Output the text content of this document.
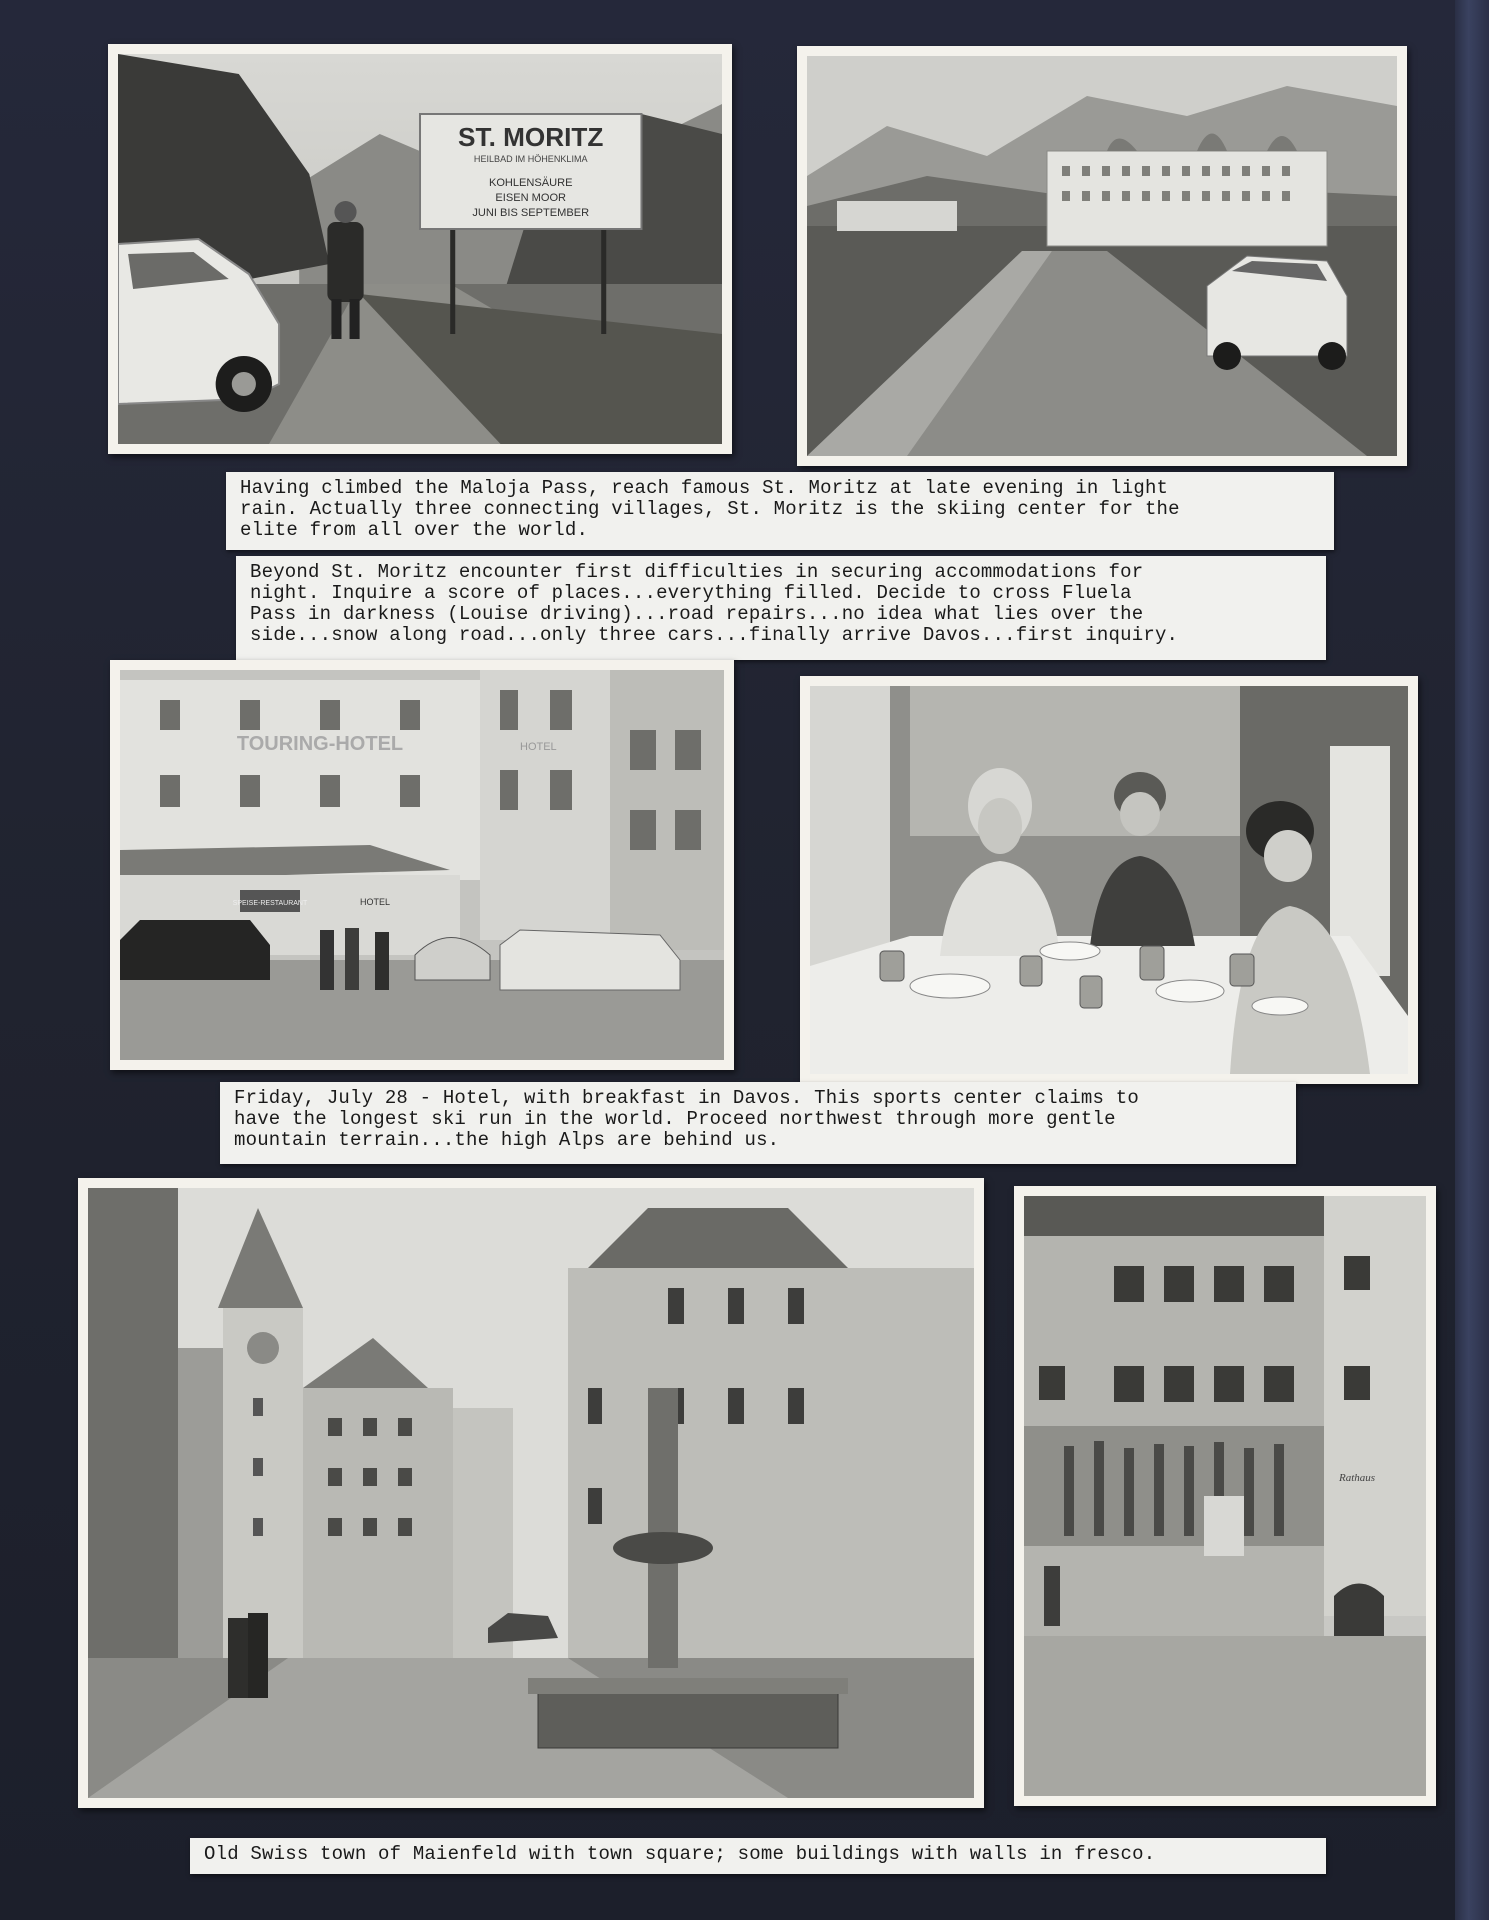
ST. MORITZ
HEILBAD IM HÖHENKLIMA
KOHLENSÄURE
EISEN MOOR
JUNI BIS SEPTEMBER
Having climbed the Maloja Pass, reach famous St. Moritz at late evening in light
rain. Actually three connecting villages, St. Moritz is the skiing center for the
elite from all over the world.
Beyond St. Moritz encounter first difficulties in securing accommodations for
night. Inquire a score of places...everything filled. Decide to cross Fluela
Pass in darkness (Louise driving)...road repairs...no idea what lies over the
side...snow along road...only three cars...finally arrive Davos...first inquiry.
TOURING-HOTEL	HOTEL
SPEISE-RESTAURANT	HOTEL
Friday, July 28 - Hotel, with breakfast in Davos. This sports center claims to
have the longest ski run in the world. Proceed northwest through more gentle
mountain terrain...the high Alps are behind us.
Rathaus
Old Swiss town of Maienfeld with town square; some buildings with walls in fresco.
